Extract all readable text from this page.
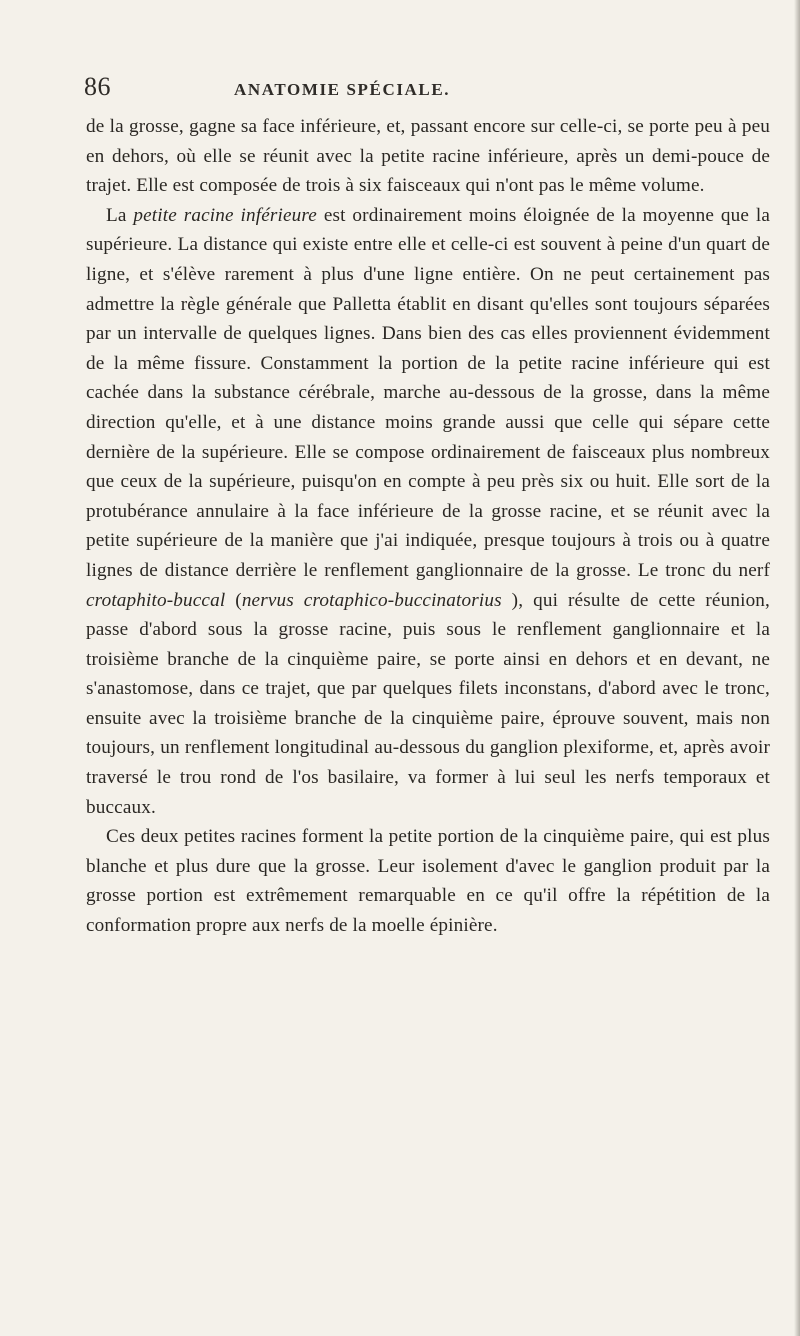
86	ANATOMIE SPÉCIALE.

de la grosse, gagne sa face inférieure, et, passant encore sur celle-ci, se porte peu à peu en dehors, où elle se réunit avec la petite racine inférieure, après un demi-pouce de trajet. Elle est composée de trois à six faisceaux qui n'ont pas le même volume.

La petite racine inférieure est ordinairement moins éloignée de la moyenne que la supérieure. La distance qui existe entre elle et celle-ci est souvent à peine d'un quart de ligne, et s'élève rarement à plus d'une ligne entière. On ne peut certainement pas admettre la règle générale que Palletta établit en disant qu'elles sont toujours séparées par un intervalle de quelques lignes. Dans bien des cas elles proviennent évidemment de la même fissure. Constamment la portion de la petite racine inférieure qui est cachée dans la substance cérébrale, marche au-dessous de la grosse, dans la même direction qu'elle, et à une distance moins grande aussi que celle qui sépare cette dernière de la supérieure. Elle se compose ordinairement de faisceaux plus nombreux que ceux de la supérieure, puisqu'on en compte à peu près six ou huit. Elle sort de la protubérance annulaire à la face inférieure de la grosse racine, et se réunit avec la petite supérieure de la manière que j'ai indiquée, presque toujours à trois ou à quatre lignes de distance derrière le renflement ganglionnaire de la grosse. Le tronc du nerf crotaphito-buccal (nervus crotaphico-buccinatorius ), qui résulte de cette réunion, passe d'abord sous la grosse racine, puis sous le renflement ganglionnaire et la troisième branche de la cinquième paire, se porte ainsi en dehors et en devant, ne s'anastomose, dans ce trajet, que par quelques filets inconstans, d'abord avec le tronc, ensuite avec la troisième branche de la cinquième paire, éprouve souvent, mais non toujours, un renflement longitudinal au-dessous du ganglion plexiforme, et, après avoir traversé le trou rond de l'os basilaire, va former à lui seul les nerfs temporaux et buccaux.

Ces deux petites racines forment la petite portion de la cinquième paire, qui est plus blanche et plus dure que la grosse. Leur isolement d'avec le ganglion produit par la grosse portion est extrêmement remarquable en ce qu'il offre la répétition de la conformation propre aux nerfs de la moelle épinière.
